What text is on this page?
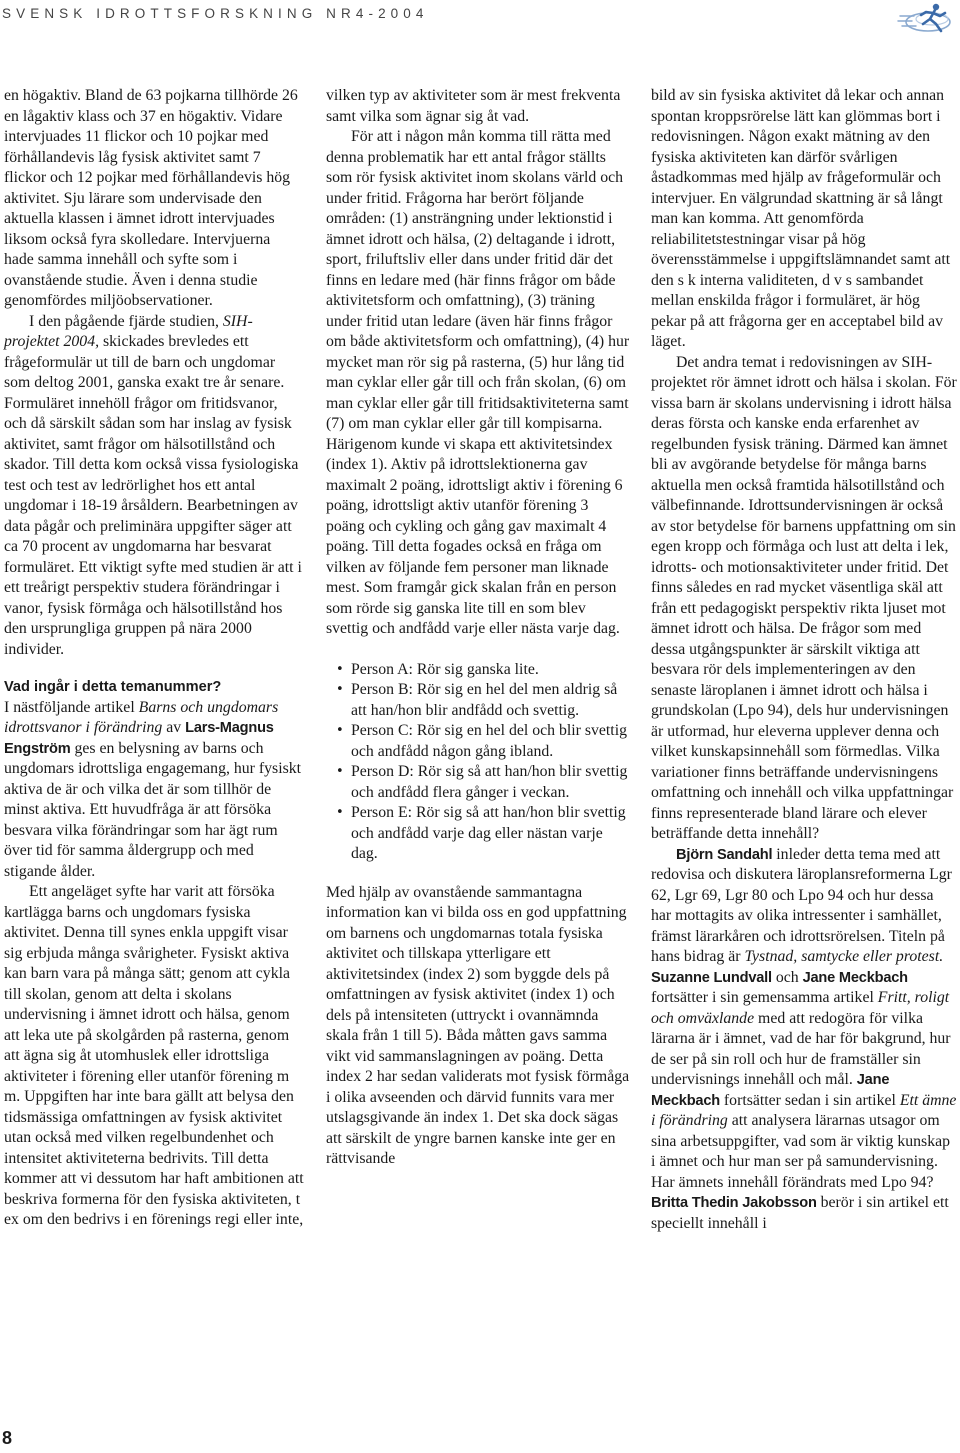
SVENSK IDROTTSFORSKNING NR4-2004

en högaktiv. Bland de 63 pojkarna tillhörde 26 en lågaktiv klass och 37 en högaktiv. Vidare intervjuades 11 flickor och 10 pojkar med förhållandevis låg fysisk aktivitet samt 7 flickor och 12 pojkar med förhållandevis hög aktivitet. Sju lärare som undervisade den aktuella klassen i ämnet idrott intervjuades liksom också fyra skolledare. Intervjuerna hade samma innehåll och syfte som i ovanstående studie. Även i denna studie genomfördes miljöobservationer.

I den pågående fjärde studien, SIH-projektet 2004, skickades brevledes ett frågeformulär ut till de barn och ungdomar som deltog 2001, ganska exakt tre år senare. Formuläret innehöll frågor om fritidsvanor, och då särskilt sådan som har inslag av fysisk aktivitet, samt frågor om hälsotillstånd och skador. Till detta kom också vissa fysiologiska test och test av ledrörlighet hos ett antal ungdomar i 18-19 årsåldern. Bearbetningen av data pågår och preliminära uppgifter säger att ca 70 procent av ungdomarna har besvarat formuläret. Ett viktigt syfte med studien är att i ett treårigt perspektiv studera förändringar i vanor, fysisk förmåga och hälsotillstånd hos den ursprungliga gruppen på nära 2000 individer.

Vad ingår i detta temanummer?

I nästföljande artikel Barns och ungdomars idrottsvanor i förändring av Lars-Magnus Engström ges en belysning av barns och ungdomars idrottsliga engagemang, hur fysiskt aktiva de är och vilka det är som tillhör de minst aktiva. Ett huvudfråga är att försöka besvara vilka förändringar som har ägt rum över tid för samma åldergrupp och med stigande ålder.

Ett angeläget syfte har varit att försöka kartlägga barns och ungdomars fysiska aktivitet. Denna till synes enkla uppgift visar sig erbjuda många svårigheter. Fysiskt aktiva kan barn vara på många sätt; genom att cykla till skolan, genom att delta i skolans undervisning i ämnet idrott och hälsa, genom att leka ute på skolgården på rasterna, genom att ägna sig åt utomhuslek eller idrottsliga aktiviteter i förening eller utanför förening m m. Uppgiften har inte bara gällt att belysa den tidsmässiga omfattningen av fysisk aktivitet utan också med vilken regelbundenhet och intensitet aktiviteterna bedrivits. Till detta kommer att vi dessutom har haft ambitionen att beskriva formerna för den fysiska aktiviteten, t ex om den bedrivs i en förenings regi eller inte,

vilken typ av aktiviteter som är mest frekventa samt vilka som ägnar sig åt vad.

För att i någon mån komma till rätta med denna problematik har ett antal frågor ställts som rör fysisk aktivitet inom skolans värld och under fritid. Frågorna har berört följande områden: (1) ansträngning under lektionstid i ämnet idrott och hälsa, (2) deltagande i idrott, sport, friluftsliv eller dans under fritid där det finns en ledare med (här finns frågor om både aktivitetsform och omfattning), (3) träning under fritid utan ledare (även här finns frågor om både aktivitetsform och omfattning), (4) hur mycket man rör sig på rasterna, (5) hur lång tid man cyklar eller går till och från skolan, (6) om man cyklar eller går till fritidsaktiviteterna samt (7) om man cyklar eller går till kompisarna. Härigenom kunde vi skapa ett aktivitetsindex (index 1). Aktiv på idrottslektionerna gav maximalt 2 poäng, idrottsligt aktiv i förening 6 poäng, idrottsligt aktiv utanför förening 3 poäng och cykling och gång gav maximalt 4 poäng. Till detta fogades också en fråga om vilken av följande fem personer man liknade mest. Som framgår gick skalan från en person som rörde sig ganska lite till en som blev svettig och andfådd varje eller nästa varje dag.

• Person A: Rör sig ganska lite.
• Person B: Rör sig en hel del men aldrig så att han/hon blir andfådd och svettig.
• Person C: Rör sig en hel del och blir svettig och andfådd någon gång ibland.
• Person D: Rör sig så att han/hon blir svettig och andfådd flera gånger i veckan.
• Person E: Rör sig så att han/hon blir svettig och andfådd varje dag eller nästan varje dag.

Med hjälp av ovanstående sammantagna information kan vi bilda oss en god uppfattning om barnens och ungdomarnas totala fysiska aktivitet och tillskapa ytterligare ett aktivitetsindex (index 2) som byggde dels på omfattningen av fysisk aktivitet (index 1) och dels på intensiteten (uttryckt i ovannämnda skala från 1 till 5). Båda måtten gavs samma vikt vid sammanslagningen av poäng. Detta index 2 har sedan validerats mot fysisk förmåga i olika avseenden och därvid funnits vara mer utslagsgivande än index 1. Det ska dock sägas att särskilt de yngre barnen kanske inte ger en rättvisande

bild av sin fysiska aktivitet då lekar och annan spontan kroppsrörelse lätt kan glömmas bort i redovisningen. Någon exakt mätning av den fysiska aktiviteten kan därför svårligen åstadkommas med hjälp av frågeformulär och intervjuer. En välgrundad skattning är så långt man kan komma. Att genomförda reliabilitetstestningar visar på hög överensstämmelse i uppgiftslämnandet samt att den s k interna validiteten, d v s sambandet mellan enskilda frågor i formuläret, är hög pekar på att frågorna ger en acceptabel bild av läget.

Det andra temat i redovisningen av SIH-projektet rör ämnet idrott och hälsa i skolan. För vissa barn är skolans undervisning i idrott hälsa deras första och kanske enda erfarenhet av regelbunden fysisk träning. Därmed kan ämnet bli av avgörande betydelse för många barns aktuella men också framtida hälsotillstånd och välbefinnande. Idrottsundervisningen är också av stor betydelse för barnens uppfattning om sin egen kropp och förmåga och lust att delta i lek, idrotts- och motionsaktiviteter under fritid. Det finns således en rad mycket väsentliga skäl att från ett pedagogiskt perspektiv rikta ljuset mot ämnet idrott och hälsa. De frågor som med dessa utgångspunkter är särskilt viktiga att besvara rör dels implementeringen av den senaste läroplanen i ämnet idrott och hälsa i grundskolan (Lpo 94), dels hur undervisningen är utformad, hur eleverna upplever denna och vilket kunskapsinnehåll som förmedlas. Vilka variationer finns beträffande undervisningens omfattning och innehåll och vilka uppfattningar finns representerade bland lärare och elever beträffande detta innehåll?

Björn Sandahl inleder detta tema med att redovisa och diskutera läroplansreformerna Lgr 62, Lgr 69, Lgr 80 och Lpo 94 och hur dessa har mottagits av olika intressenter i samhället, främst lärarkåren och idrottsrörelsen. Titeln på hans bidrag är Tystnad, samtycke eller protest. Suzanne Lundvall och Jane Meckbach fortsätter i sin gemensamma artikel Fritt, roligt och omväxlande med att redogöra för vilka lärarna är i ämnet, vad de har för bakgrund, hur de ser på sin roll och hur de framställer sin undervisnings innehåll och mål. Jane Meckbach fortsätter sedan i sin artikel Ett ämne i förändring att analysera lärarnas utsagor om sina arbetsuppgifter, vad som är viktig kunskap i ämnet och hur man ser på samundervisning. Har ämnets innehåll förändrats med Lpo 94? Britta Thedin Jakobsson berör i sin artikel ett speciellt innehåll i

8
